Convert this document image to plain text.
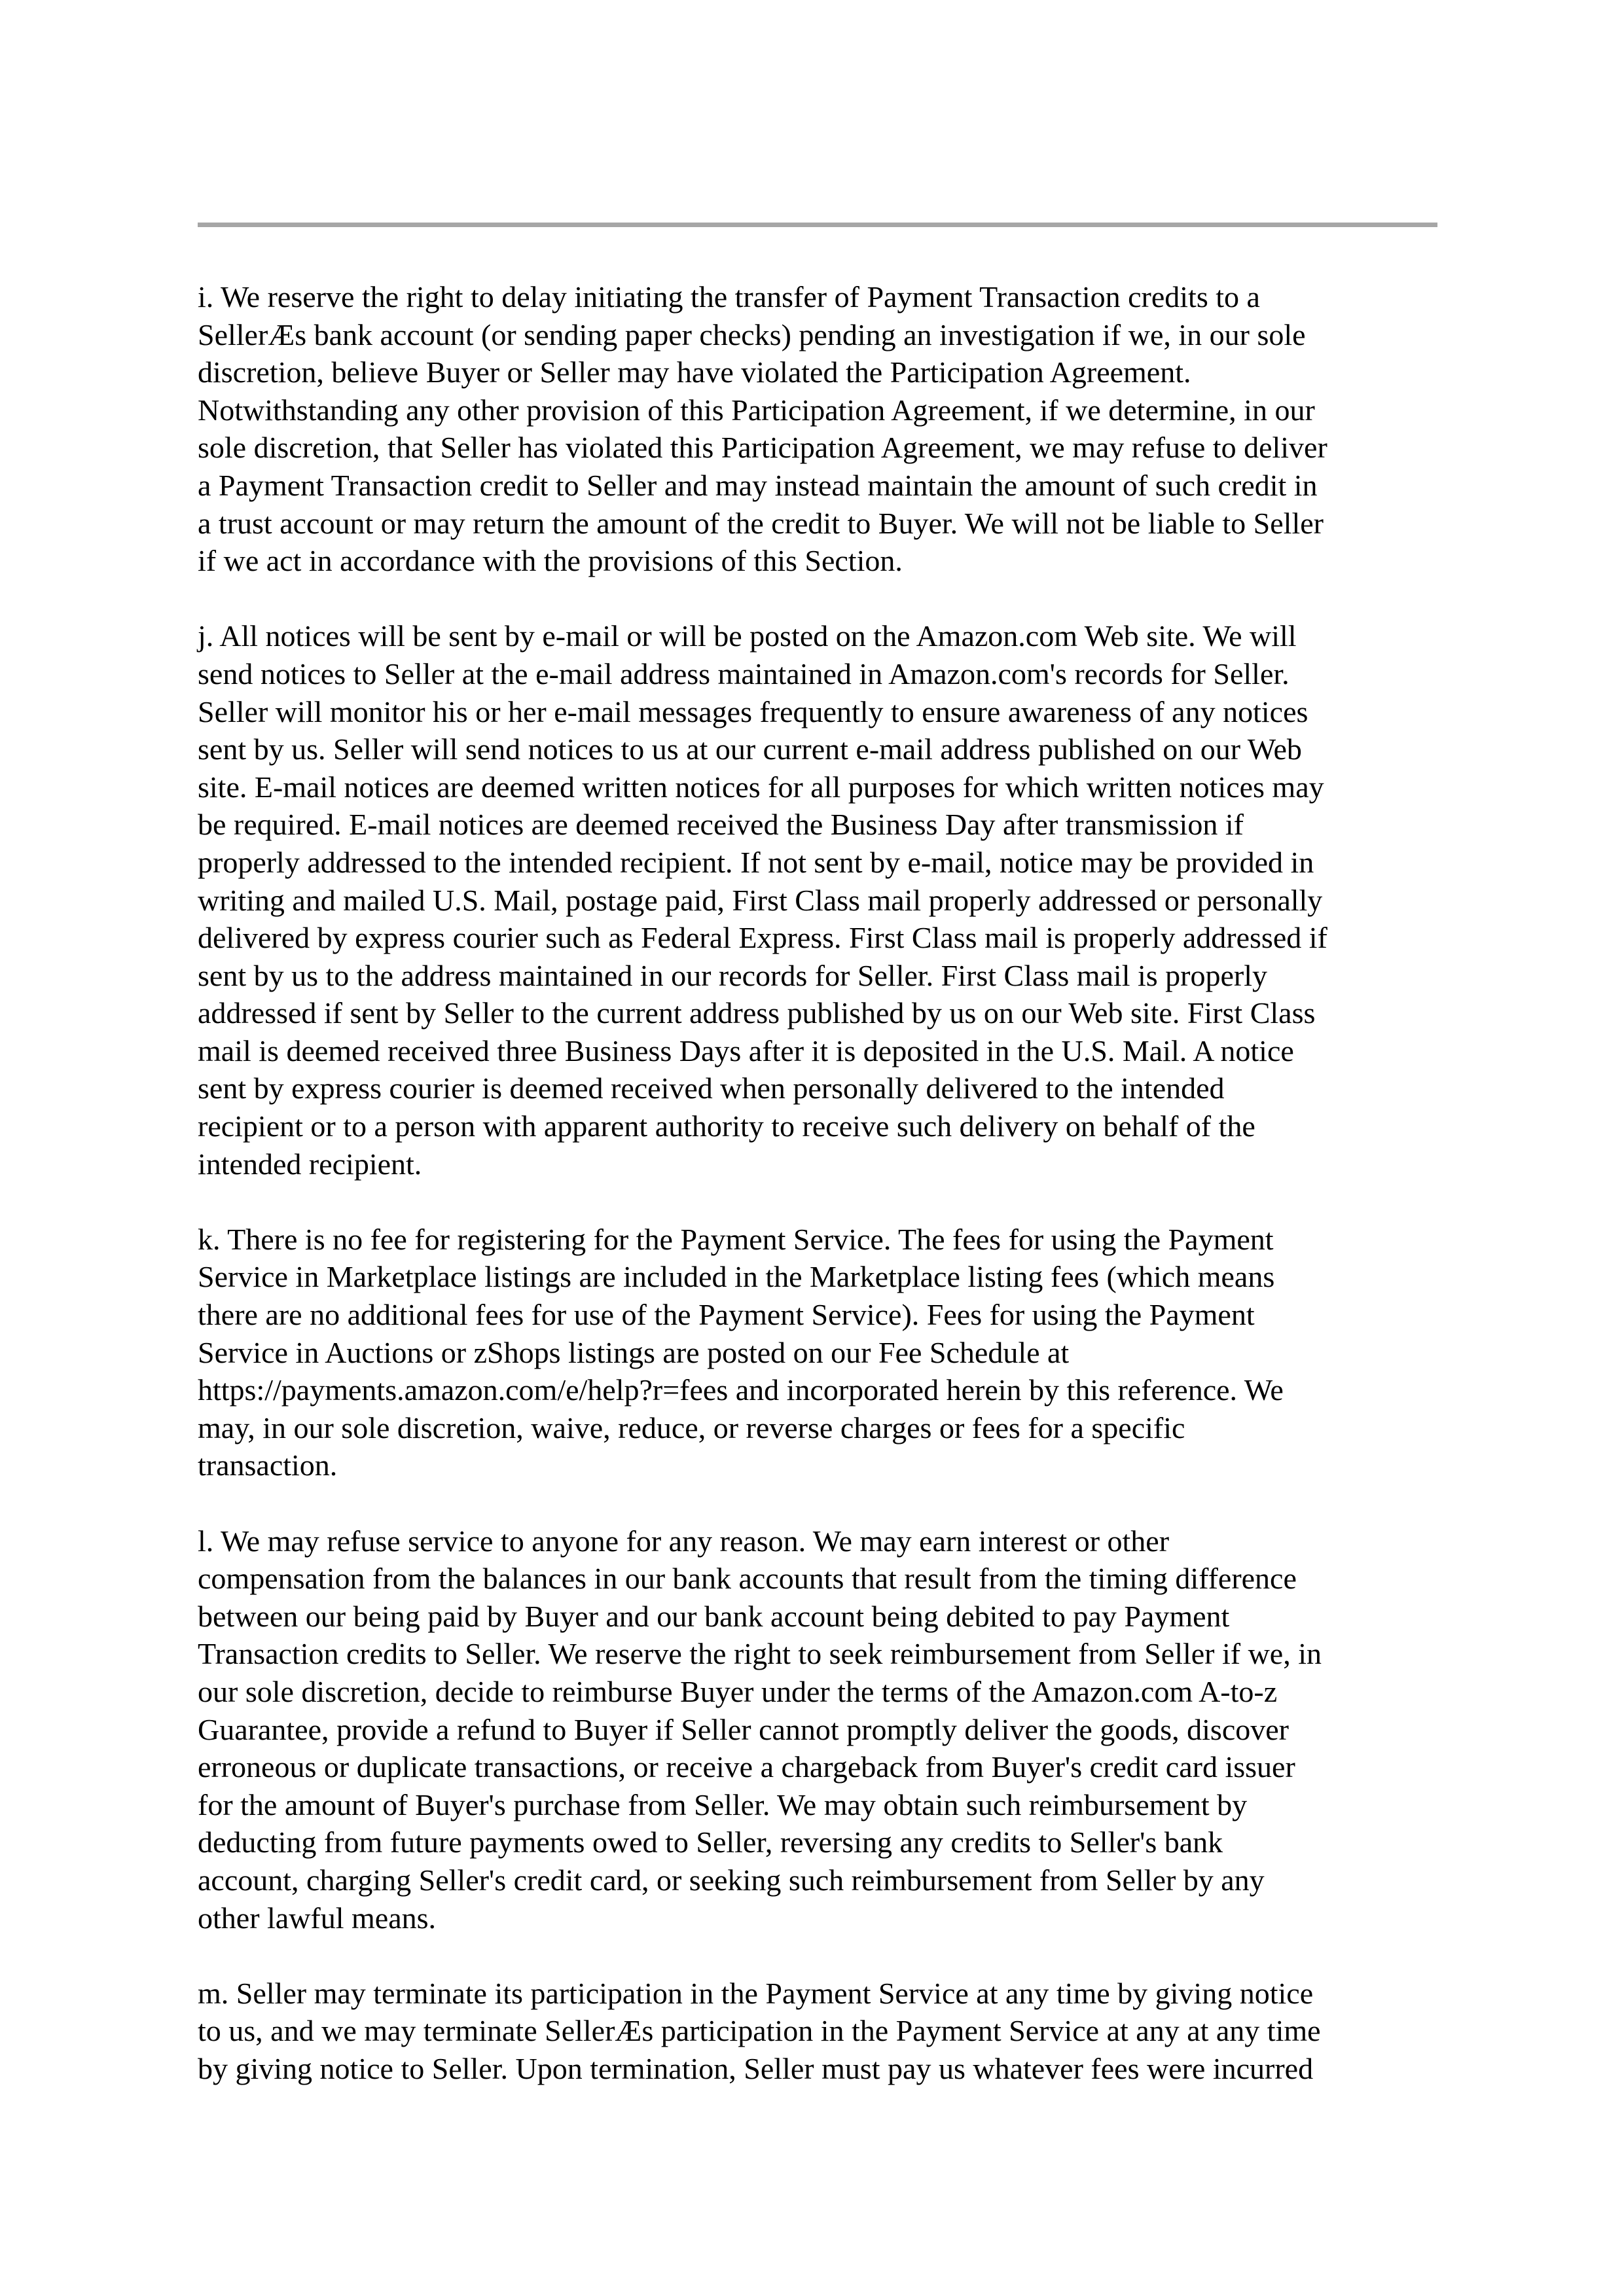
i. We reserve the right to delay initiating the transfer of Payment Transaction credits to a
SellerÆs bank account (or sending paper checks) pending an investigation if we, in our sole
discretion, believe Buyer or Seller may have violated the Participation Agreement.
Notwithstanding any other provision of this Participation Agreement, if we determine, in our
sole discretion, that Seller has violated this Participation Agreement, we may refuse to deliver
a Payment Transaction credit to Seller and may instead maintain the amount of such credit in
a trust account or may return the amount of the credit to Buyer. We will not be liable to Seller
if we act in accordance with the provisions of this Section.

j. All notices will be sent by e-mail or will be posted on the Amazon.com Web site. We will
send notices to Seller at the e-mail address maintained in Amazon.com's records for Seller.
Seller will monitor his or her e-mail messages frequently to ensure awareness of any notices
sent by us. Seller will send notices to us at our current e-mail address published on our Web
site. E-mail notices are deemed written notices for all purposes for which written notices may
be required. E-mail notices are deemed received the Business Day after transmission if
properly addressed to the intended recipient. If not sent by e-mail, notice may be provided in
writing and mailed U.S. Mail, postage paid, First Class mail properly addressed or personally
delivered by express courier such as Federal Express. First Class mail is properly addressed if
sent by us to the address maintained in our records for Seller. First Class mail is properly
addressed if sent by Seller to the current address published by us on our Web site. First Class
mail is deemed received three Business Days after it is deposited in the U.S. Mail. A notice
sent by express courier is deemed received when personally delivered to the intended
recipient or to a person with apparent authority to receive such delivery on behalf of the
intended recipient.

k. There is no fee for registering for the Payment Service. The fees for using the Payment
Service in Marketplace listings are included in the Marketplace listing fees (which means
there are no additional fees for use of the Payment Service). Fees for using the Payment
Service in Auctions or zShops listings are posted on our Fee Schedule at
https://payments.amazon.com/e/help?r=fees and incorporated herein by this reference. We
may, in our sole discretion, waive, reduce, or reverse charges or fees for a specific
transaction.

l. We may refuse service to anyone for any reason. We may earn interest or other
compensation from the balances in our bank accounts that result from the timing difference
between our being paid by Buyer and our bank account being debited to pay Payment
Transaction credits to Seller. We reserve the right to seek reimbursement from Seller if we, in
our sole discretion, decide to reimburse Buyer under the terms of the Amazon.com A-to-z
Guarantee, provide a refund to Buyer if Seller cannot promptly deliver the goods, discover
erroneous or duplicate transactions, or receive a chargeback from Buyer's credit card issuer
for the amount of Buyer's purchase from Seller. We may obtain such reimbursement by
deducting from future payments owed to Seller, reversing any credits to Seller's bank
account, charging Seller's credit card, or seeking such reimbursement from Seller by any
other lawful means.

m. Seller may terminate its participation in the Payment Service at any time by giving notice
to us, and we may terminate SellerÆs participation in the Payment Service at any at any time
by giving notice to Seller. Upon termination, Seller must pay us whatever fees were incurred
